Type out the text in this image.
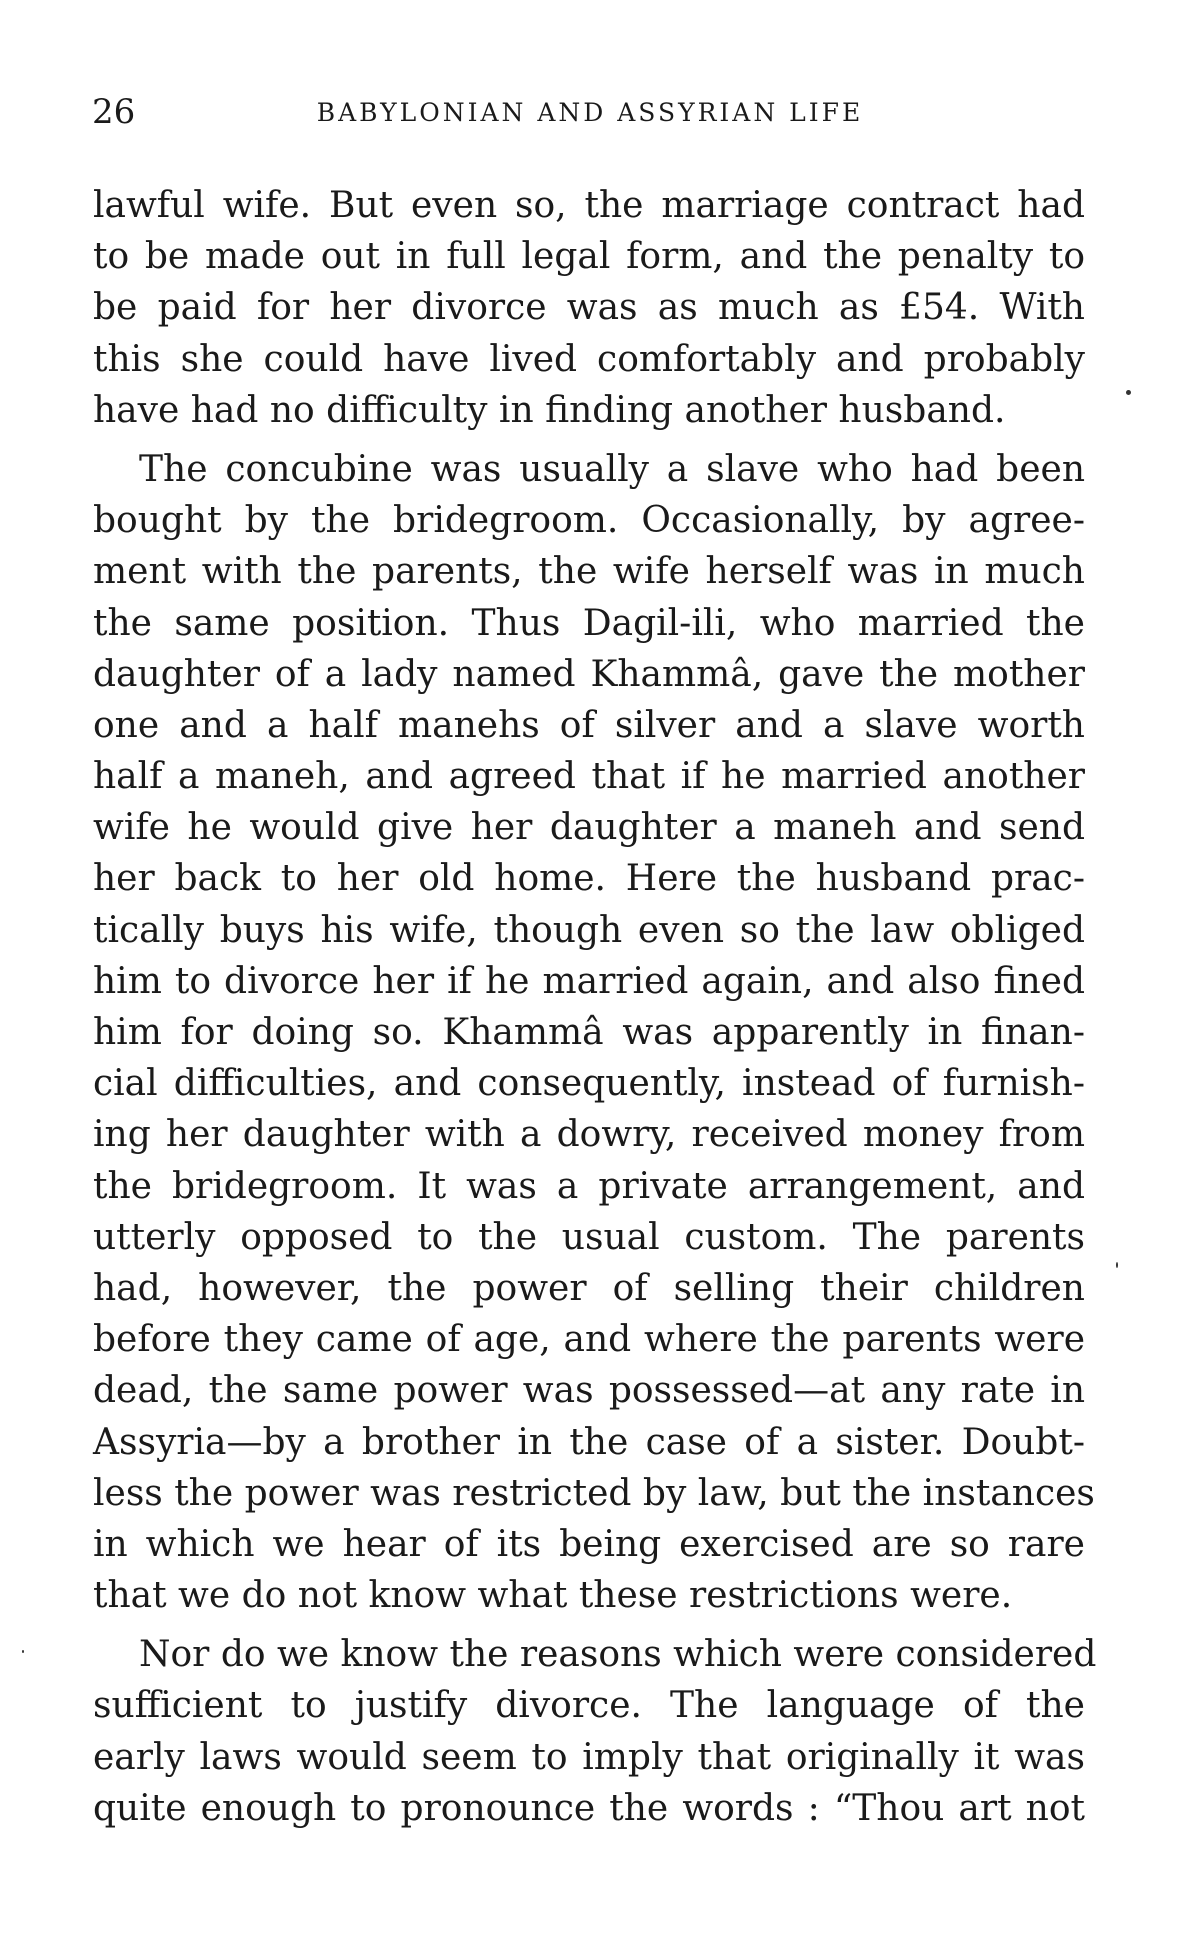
26	BABYLONIAN AND ASSYRIAN LIFE
lawful wife. But even so, the marriage contract had
to be made out in full legal form, and the penalty to
be paid for her divorce was as much as £54. With
this she could have lived comfortably and probably
have had no difficulty in finding another husband.
The concubine was usually a slave who had been
bought by the bridegroom. Occasionally, by agree-
ment with the parents, the wife herself was in much
the same position. Thus Dagil-ili, who married the
daughter of a lady named Khammâ, gave the mother
one and a half manehs of silver and a slave worth
half a maneh, and agreed that if he married another
wife he would give her daughter a maneh and send
her back to her old home. Here the husband prac-
tically buys his wife, though even so the law obliged
him to divorce her if he married again, and also fined
him for doing so. Khammâ was apparently in finan-
cial difficulties, and consequently, instead of furnish-
ing her daughter with a dowry, received money from
the bridegroom. It was a private arrangement, and
utterly opposed to the usual custom. The parents
had, however, the power of selling their children
before they came of age, and where the parents were
dead, the same power was possessed—at any rate in
Assyria—by a brother in the case of a sister. Doubt-
less the power was restricted by law, but the instances
in which we hear of its being exercised are so rare
that we do not know what these restrictions were.
Nor do we know the reasons which were considered
sufficient to justify divorce. The language of the
early laws would seem to imply that originally it was
quite enough to pronounce the words : “Thou art not
